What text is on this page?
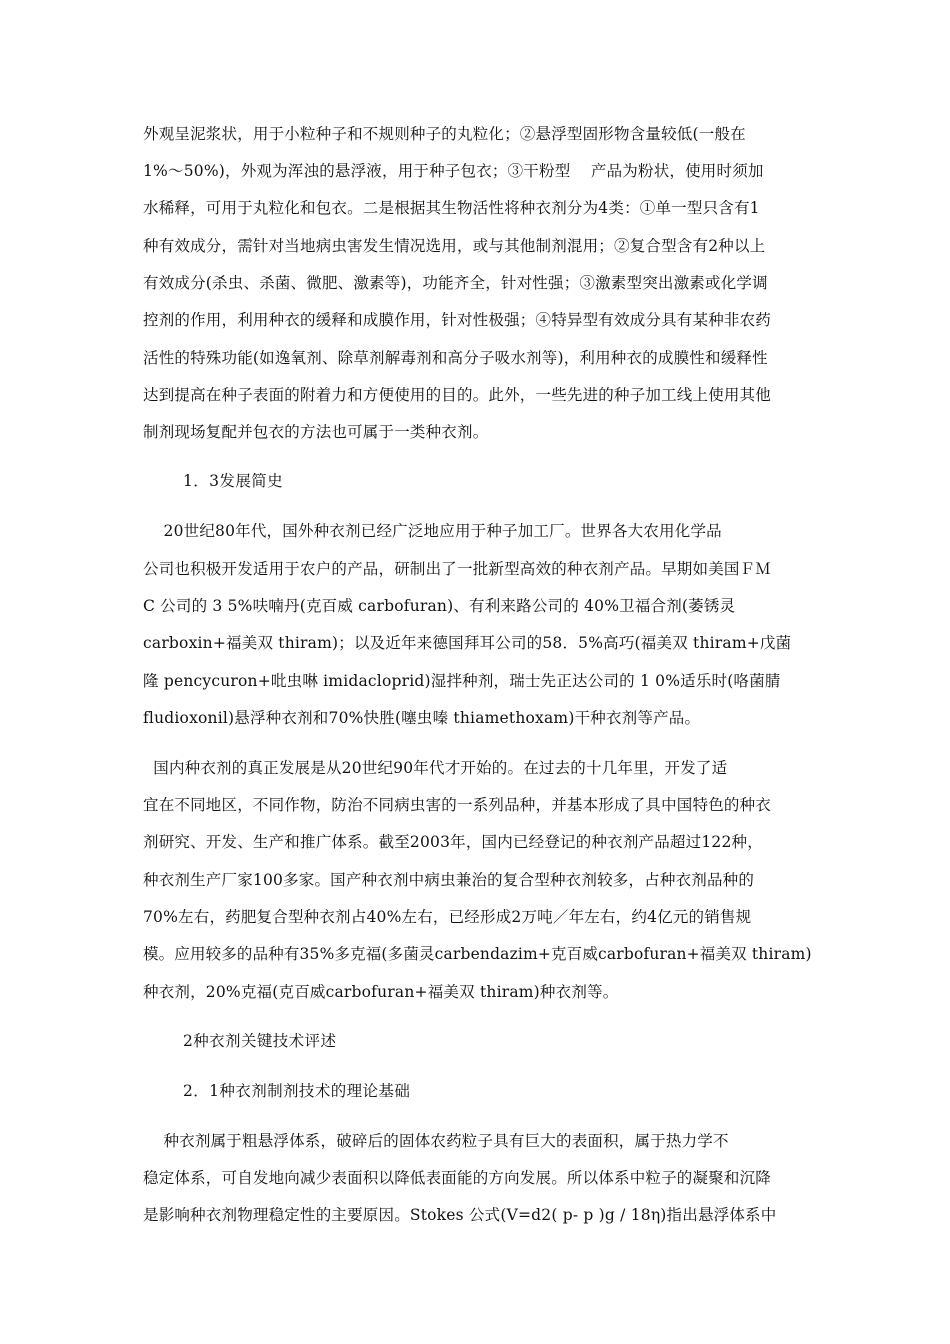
外观呈泥浆状，用于小粒种子和不规则种子的丸粒化；②悬浮型固形物含量较低(一般在
1%～50%)，外观为浑浊的悬浮液，用于种子包衣；③干粉型    产品为粉状，使用时须加
水稀释，可用于丸粒化和包衣。二是根据其生物活性将种衣剂分为4类：①单一型只含有1
种有效成分，需针对当地病虫害发生情况选用，或与其他制剂混用；②复合型含有2种以上
有效成分(杀虫、杀菌、微肥、激素等)，功能齐全，针对性强；③激素型突出激素或化学调
控剂的作用，利用种衣的缓释和成膜作用，针对性极强；④特异型有效成分具有某种非农药
活性的特殊功能(如逸氧剂、除草剂解毒剂和高分子吸水剂等)，利用种衣的成膜性和缓释性
达到提高在种子表面的附着力和方便使用的目的。此外，一些先进的种子加工线上使用其他
制剂现场复配并包衣的方法也可属于一类种衣剂。
1．3发展简史
20世纪80年代，国外种衣剂已经广泛地应用于种子加工厂。世界各大农用化学品
公司也积极开发适用于农户的产品，研制出了一批新型高效的种衣剂产品。早期如美国ＦＭ
C 公司的 3 5%呋喃丹(克百威 carbofuran)、有利来路公司的 40%卫福合剂(萎锈灵
carboxin+福美双 thiram)；以及近年来德国拜耳公司的58．5%高巧(福美双 thiram+戊菌
隆 pencycuron+吡虫啉 imidacloprid)湿拌种剂，瑞士先正达公司的 1 0%适乐时(咯菌腈
fludioxonil)悬浮种衣剂和70%快胜(噻虫嗪 thiamethoxam)干种衣剂等产品。
国内种衣剂的真正发展是从20世纪90年代才开始的。在过去的十几年里，开发了适
宜在不同地区，不同作物，防治不同病虫害的一系列品种，并基本形成了具中国特色的种衣
剂研究、开发、生产和推广体系。截至2003年，国内已经登记的种衣剂产品超过122种，
种衣剂生产厂家100多家。国产种衣剂中病虫兼治的复合型种衣剂较多，占种衣剂品种的
70%左右，药肥复合型种衣剂占40%左右，已经形成2万吨／年左右，约4亿元的销售规
模。应用较多的品种有35%多克福(多菌灵carbendazim+克百威carbofuran+福美双 thiram)
种衣剂，20%克福(克百威carbofuran+福美双 thiram)种衣剂等。
2种衣剂关键技术评述
2．1种衣剂制剂技术的理论基础
种衣剂属于粗悬浮体系，破碎后的固体农药粒子具有巨大的表面积，属于热力学不
稳定体系，可自发地向减少表面积以降低表面能的方向发展。所以体系中粒子的凝聚和沉降
是影响种衣剂物理稳定性的主要原因。Stokes 公式(V=d2( p- p )g / 18η)指出悬浮体系中
